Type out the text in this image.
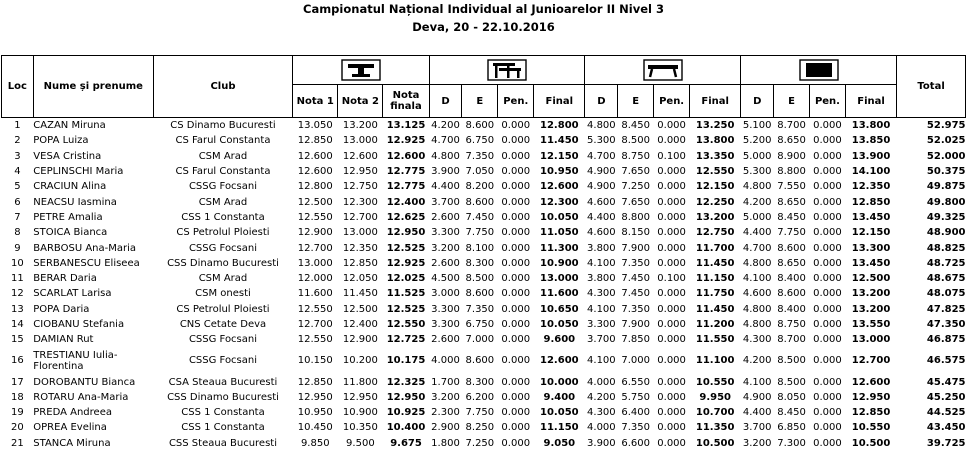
Campionatul Național Individual al Junioarelor II Nivel 3
Deva, 20 - 22.10.2016
Loc	Nume și prenume	Club																Total
			Nota 1	Nota 2	Nota finala	D	E	Pen.	Final	D	E	Pen.	Final	D	E	Pen.	Final	
1	CAZAN Miruna	CS Dinamo Bucuresti	13.050	13.200	13.125	4.200	8.600	0.000	12.800	4.800	8.450	0.000	13.250	5.100	8.700	0.000	13.800	52.975
2	POPA Luiza	CS Farul Constanta	12.850	13.000	12.925	4.700	6.750	0.000	11.450	5.300	8.500	0.000	13.800	5.200	8.650	0.000	13.850	52.025
3	VESA Cristina	CSM Arad	12.600	12.600	12.600	4.800	7.350	0.000	12.150	4.700	8.750	0.100	13.350	5.000	8.900	0.000	13.900	52.000
4	CEPLINSCHI Maria	CS Farul Constanta	12.600	12.950	12.775	3.900	7.050	0.000	10.950	4.900	7.650	0.000	12.550	5.300	8.800	0.000	14.100	50.375
5	CRACIUN Alina	CSSG Focsani	12.800	12.750	12.775	4.400	8.200	0.000	12.600	4.900	7.250	0.000	12.150	4.800	7.550	0.000	12.350	49.875
6	NEACSU Iasmina	CSM Arad	12.500	12.300	12.400	3.700	8.600	0.000	12.300	4.600	7.650	0.000	12.250	4.200	8.650	0.000	12.850	49.800
7	PETRE Amalia	CSS 1 Constanta	12.550	12.700	12.625	2.600	7.450	0.000	10.050	4.400	8.800	0.000	13.200	5.000	8.450	0.000	13.450	49.325
8	STOICA Bianca	CS Petrolul Ploiesti	12.900	13.000	12.950	3.300	7.750	0.000	11.050	4.600	8.150	0.000	12.750	4.400	7.750	0.000	12.150	48.900
9	BARBOSU Ana-Maria	CSSG Focsani	12.700	12.350	12.525	3.200	8.100	0.000	11.300	3.800	7.900	0.000	11.700	4.700	8.600	0.000	13.300	48.825
10	SERBANESCU Eliseea	CSS Dinamo Bucuresti	13.000	12.850	12.925	2.600	8.300	0.000	10.900	4.100	7.350	0.000	11.450	4.800	8.650	0.000	13.450	48.725
11	BERAR Daria	CSM Arad	12.000	12.050	12.025	4.500	8.500	0.000	13.000	3.800	7.450	0.100	11.150	4.100	8.400	0.000	12.500	48.675
12	SCARLAT Larisa	CSM onesti	11.600	11.450	11.525	3.000	8.600	0.000	11.600	4.300	7.450	0.000	11.750	4.600	8.600	0.000	13.200	48.075
13	POPA Daria	CS Petrolul Ploiesti	12.550	12.500	12.525	3.300	7.350	0.000	10.650	4.100	7.350	0.000	11.450	4.800	8.400	0.000	13.200	47.825
14	CIOBANU Stefania	CNS Cetate Deva	12.700	12.400	12.550	3.300	6.750	0.000	10.050	3.300	7.900	0.000	11.200	4.800	8.750	0.000	13.550	47.350
15	DAMIAN Rut	CSSG Focsani	12.550	12.900	12.725	2.600	7.000	0.000	9.600	3.700	7.850	0.000	11.550	4.300	8.700	0.000	13.000	46.875
16	TRESTIANU Iulia-Florentina	CSSG Focsani	10.150	10.200	10.175	4.000	8.600	0.000	12.600	4.100	7.000	0.000	11.100	4.200	8.500	0.000	12.700	46.575
17	DOROBANTU Bianca	CSA Steaua Bucuresti	12.850	11.800	12.325	1.700	8.300	0.000	10.000	4.000	6.550	0.000	10.550	4.100	8.500	0.000	12.600	45.475
18	ROTARU Ana-Maria	CSS Dinamo Bucuresti	12.950	12.950	12.950	3.200	6.200	0.000	9.400	4.200	5.750	0.000	9.950	4.900	8.050	0.000	12.950	45.250
19	PREDA Andreea	CSS 1 Constanta	10.950	10.900	10.925	2.300	7.750	0.000	10.050	4.300	6.400	0.000	10.700	4.400	8.450	0.000	12.850	44.525
20	OPREA Evelina	CSS 1 Constanta	10.450	10.350	10.400	2.900	8.250	0.000	11.150	4.000	7.350	0.000	11.350	3.700	6.850	0.000	10.550	43.450
21	STANCA Miruna	CSS Steaua Bucuresti	9.850	9.500	9.675	1.800	7.250	0.000	9.050	3.900	6.600	0.000	10.500	3.200	7.300	0.000	10.500	39.725
